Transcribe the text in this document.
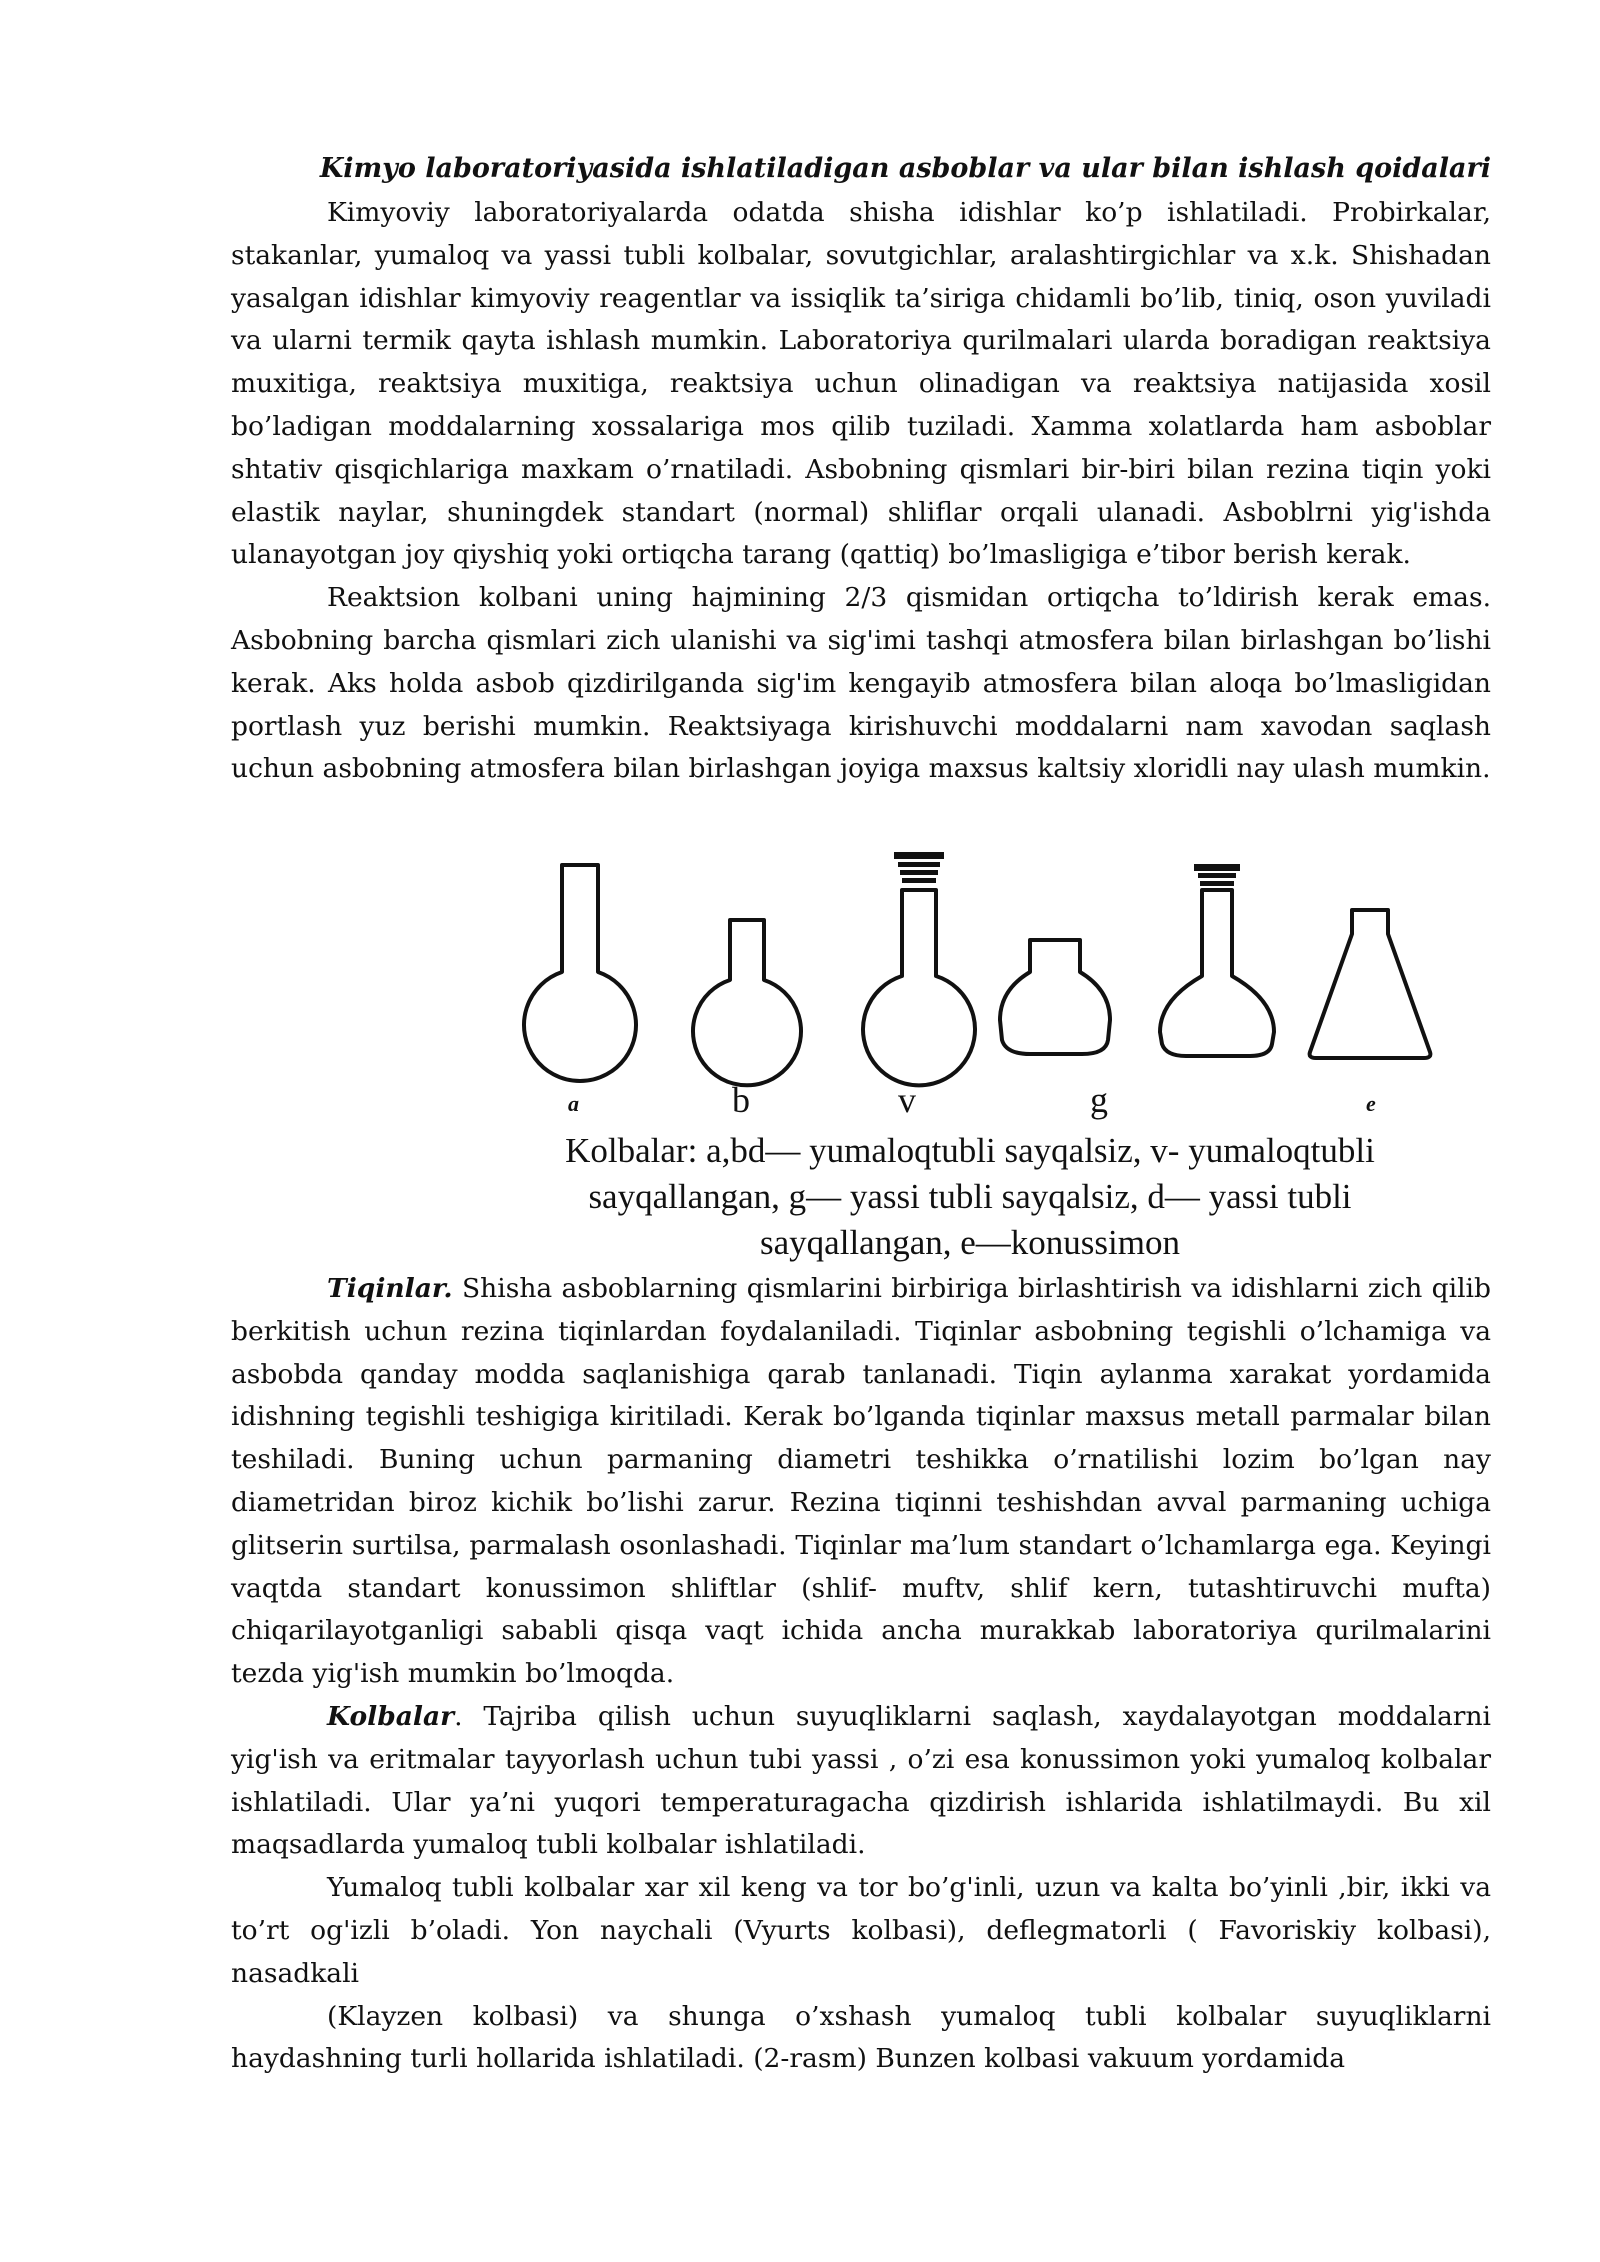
Kimyo laboratoriyasida ishlatiladigan asboblar va ular bilan ishlash qoidalari

Kimyoviy laboratoriyalarda odatda shisha idishlar ko’p ishlatiladi. Probirkalar, stakanlar, yumaloq va yassi tubli kolbalar, sovutgichlar, aralashtirgichlar va x.k. Shishadan yasalgan idishlar kimyoviy reagentlar va issiqlik ta’siriga chidamli bo’lib, tiniq, oson yuviladi va ularni termik qayta ishlash mumkin. Laboratoriya qurilmalari ularda boradigan reaktsiya muxitiga, reaktsiya muxitiga, reaktsiya uchun olinadigan va reaktsiya natijasida xosil bo’ladigan moddalarning xossalariga mos qilib tuziladi. Xamma xolatlarda ham asboblar shtativ qisqichlariga maxkam o’rnatiladi. Asbobning qismlari bir-biri bilan rezina tiqin yoki elastik naylar, shuningdek standart (normal) shliflar orqali ulanadi. Asboblrni yig'ishda ulanayotgan joy qiyshiq yoki ortiqcha tarang (qattiq) bo’lmasligiga e’tibor berish kerak.

Reaktsion kolbani uning hajmining 2/3 qismidan ortiqcha to’ldirish kerak emas. Asbobning barcha qismlari zich ulanishi va sig'imi tashqi atmosfera bilan birlashgan bo’lishi kerak. Aks holda asbob qizdirilganda sig'im kengayib atmosfera bilan aloqa bo’lmasligidan portlash yuz berishi mumkin. Reaktsiyaga kirishuvchi moddalarni nam xavodan saqlash uchun asbobning atmosfera bilan birlashgan joyiga maxsus kaltsiy xloridli nay ulash mumkin.

a	b	v	g	e
Kolbalar: a,bd— yumaloqtubli sayqalsiz, v- yumaloqtubli sayqallangan, g— yassi tubli sayqalsiz, d— yassi tubli sayqallangan, e—konussimon

Tiqinlar. Shisha asboblarning qismlarini birbiriga birlashtirish va idishlarni zich qilib berkitish uchun rezina tiqinlardan foydalaniladi. Tiqinlar asbobning tegishli o’lchamiga va asbobda qanday modda saqlanishiga qarab tanlanadi. Tiqin aylanma xarakat yordamida idishning tegishli teshigiga kiritiladi. Kerak bo’lganda tiqinlar maxsus metall parmalar bilan teshiladi. Buning uchun parmaning diametri teshikka o’rnatilishi lozim bo’lgan nay diametridan biroz kichik bo’lishi zarur. Rezina tiqinni teshishdan avval parmaning uchiga glitserin surtilsa, parmalash osonlashadi. Tiqinlar ma’lum standart o’lchamlarga ega. Keyingi vaqtda standart konussimon shliftlar (shlif- muftv, shlif kern, tutashtiruvchi mufta) chiqarilayotganligi sababli qisqa vaqt ichida ancha murakkab laboratoriya qurilmalarini tezda yig'ish mumkin bo’lmoqda.

Kolbalar. Tajriba qilish uchun suyuqliklarni saqlash, xaydalayotgan moddalarni yig'ish va eritmalar tayyorlash uchun tubi yassi , o’zi esa konussimon yoki yumaloq kolbalar ishlatiladi. Ular ya’ni yuqori temperaturagacha qizdirish ishlarida ishlatilmaydi. Bu xil maqsadlarda yumaloq tubli kolbalar ishlatiladi.

Yumaloq tubli kolbalar xar xil keng va tor bo’g'inli, uzun va kalta bo’yinli ,bir, ikki va to’rt og'izli b’oladi. Yon naychali (Vyurts kolbasi), deflegmatorli ( Favoriskiy kolbasi), nasadkali

(Klayzen kolbasi) va shunga o’xshash yumaloq tubli kolbalar suyuqliklarni haydashning turli hollarida ishlatiladi. (2-rasm) Bunzen kolbasi vakuum yordamida
